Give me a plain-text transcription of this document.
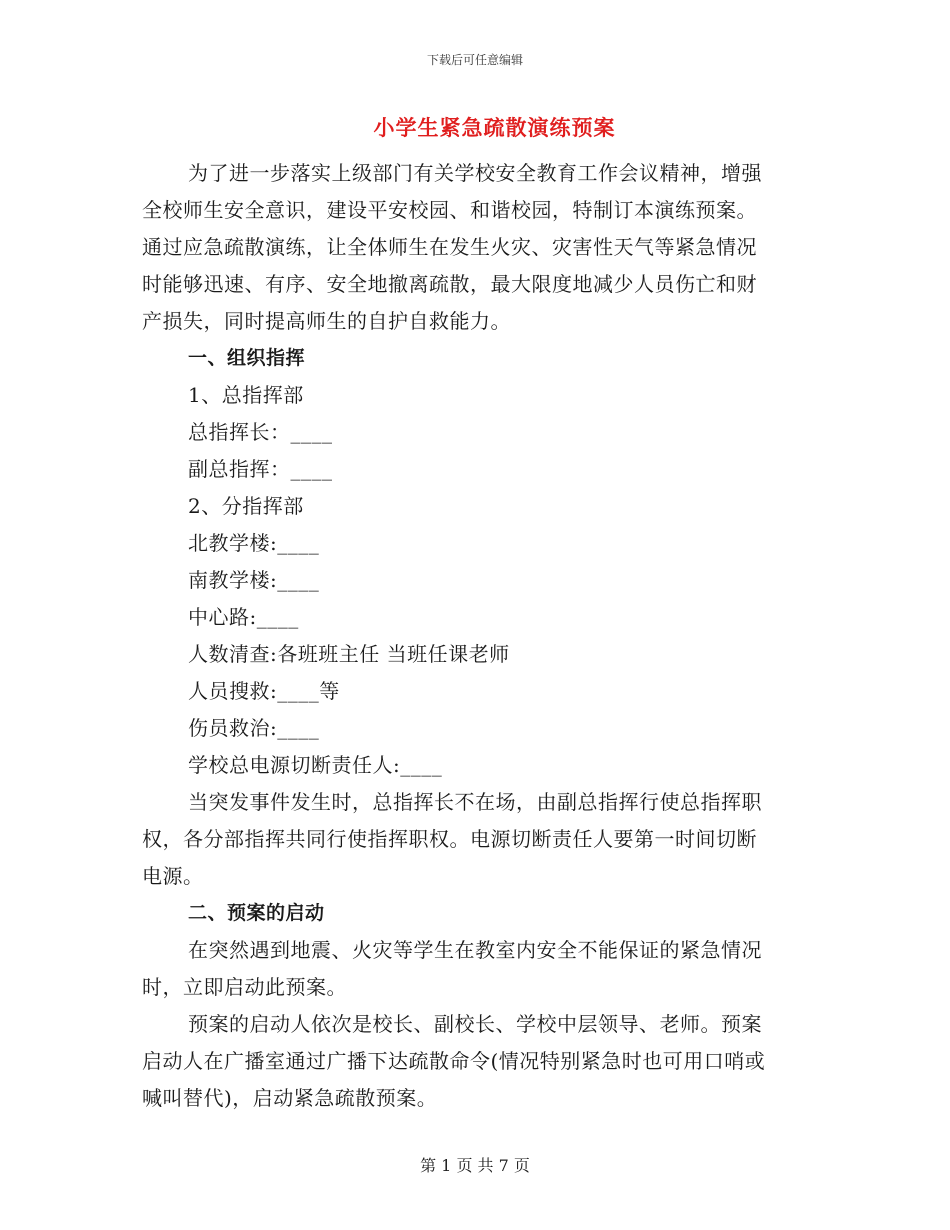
下载后可任意编辑
小学生紧急疏散演练预案
为了进一步落实上级部门有关学校安全教育工作会议精神，增强
全校师生安全意识，建设平安校园、和谐校园，特制订本演练预案。
通过应急疏散演练，让全体师生在发生火灾、灾害性天气等紧急情况
时能够迅速、有序、安全地撤离疏散，最大限度地减少人员伤亡和财
产损失，同时提高师生的自护自救能力。
一、组织指挥
1、总指挥部
总指挥长：____
副总指挥：____
2、分指挥部
北教学楼:____
南教学楼:____
中心路:____
人数清查:各班班主任 当班任课老师
人员搜救:____等
伤员救治:____
学校总电源切断责任人:____
当突发事件发生时，总指挥长不在场，由副总指挥行使总指挥职
权，各分部指挥共同行使指挥职权。电源切断责任人要第一时间切断
电源。
二、预案的启动
在突然遇到地震、火灾等学生在教室内安全不能保证的紧急情况
时，立即启动此预案。
预案的启动人依次是校长、副校长、学校中层领导、老师。预案
启动人在广播室通过广播下达疏散命令(情况特别紧急时也可用口哨或
喊叫替代)，启动紧急疏散预案。
第 1 页 共 7 页
